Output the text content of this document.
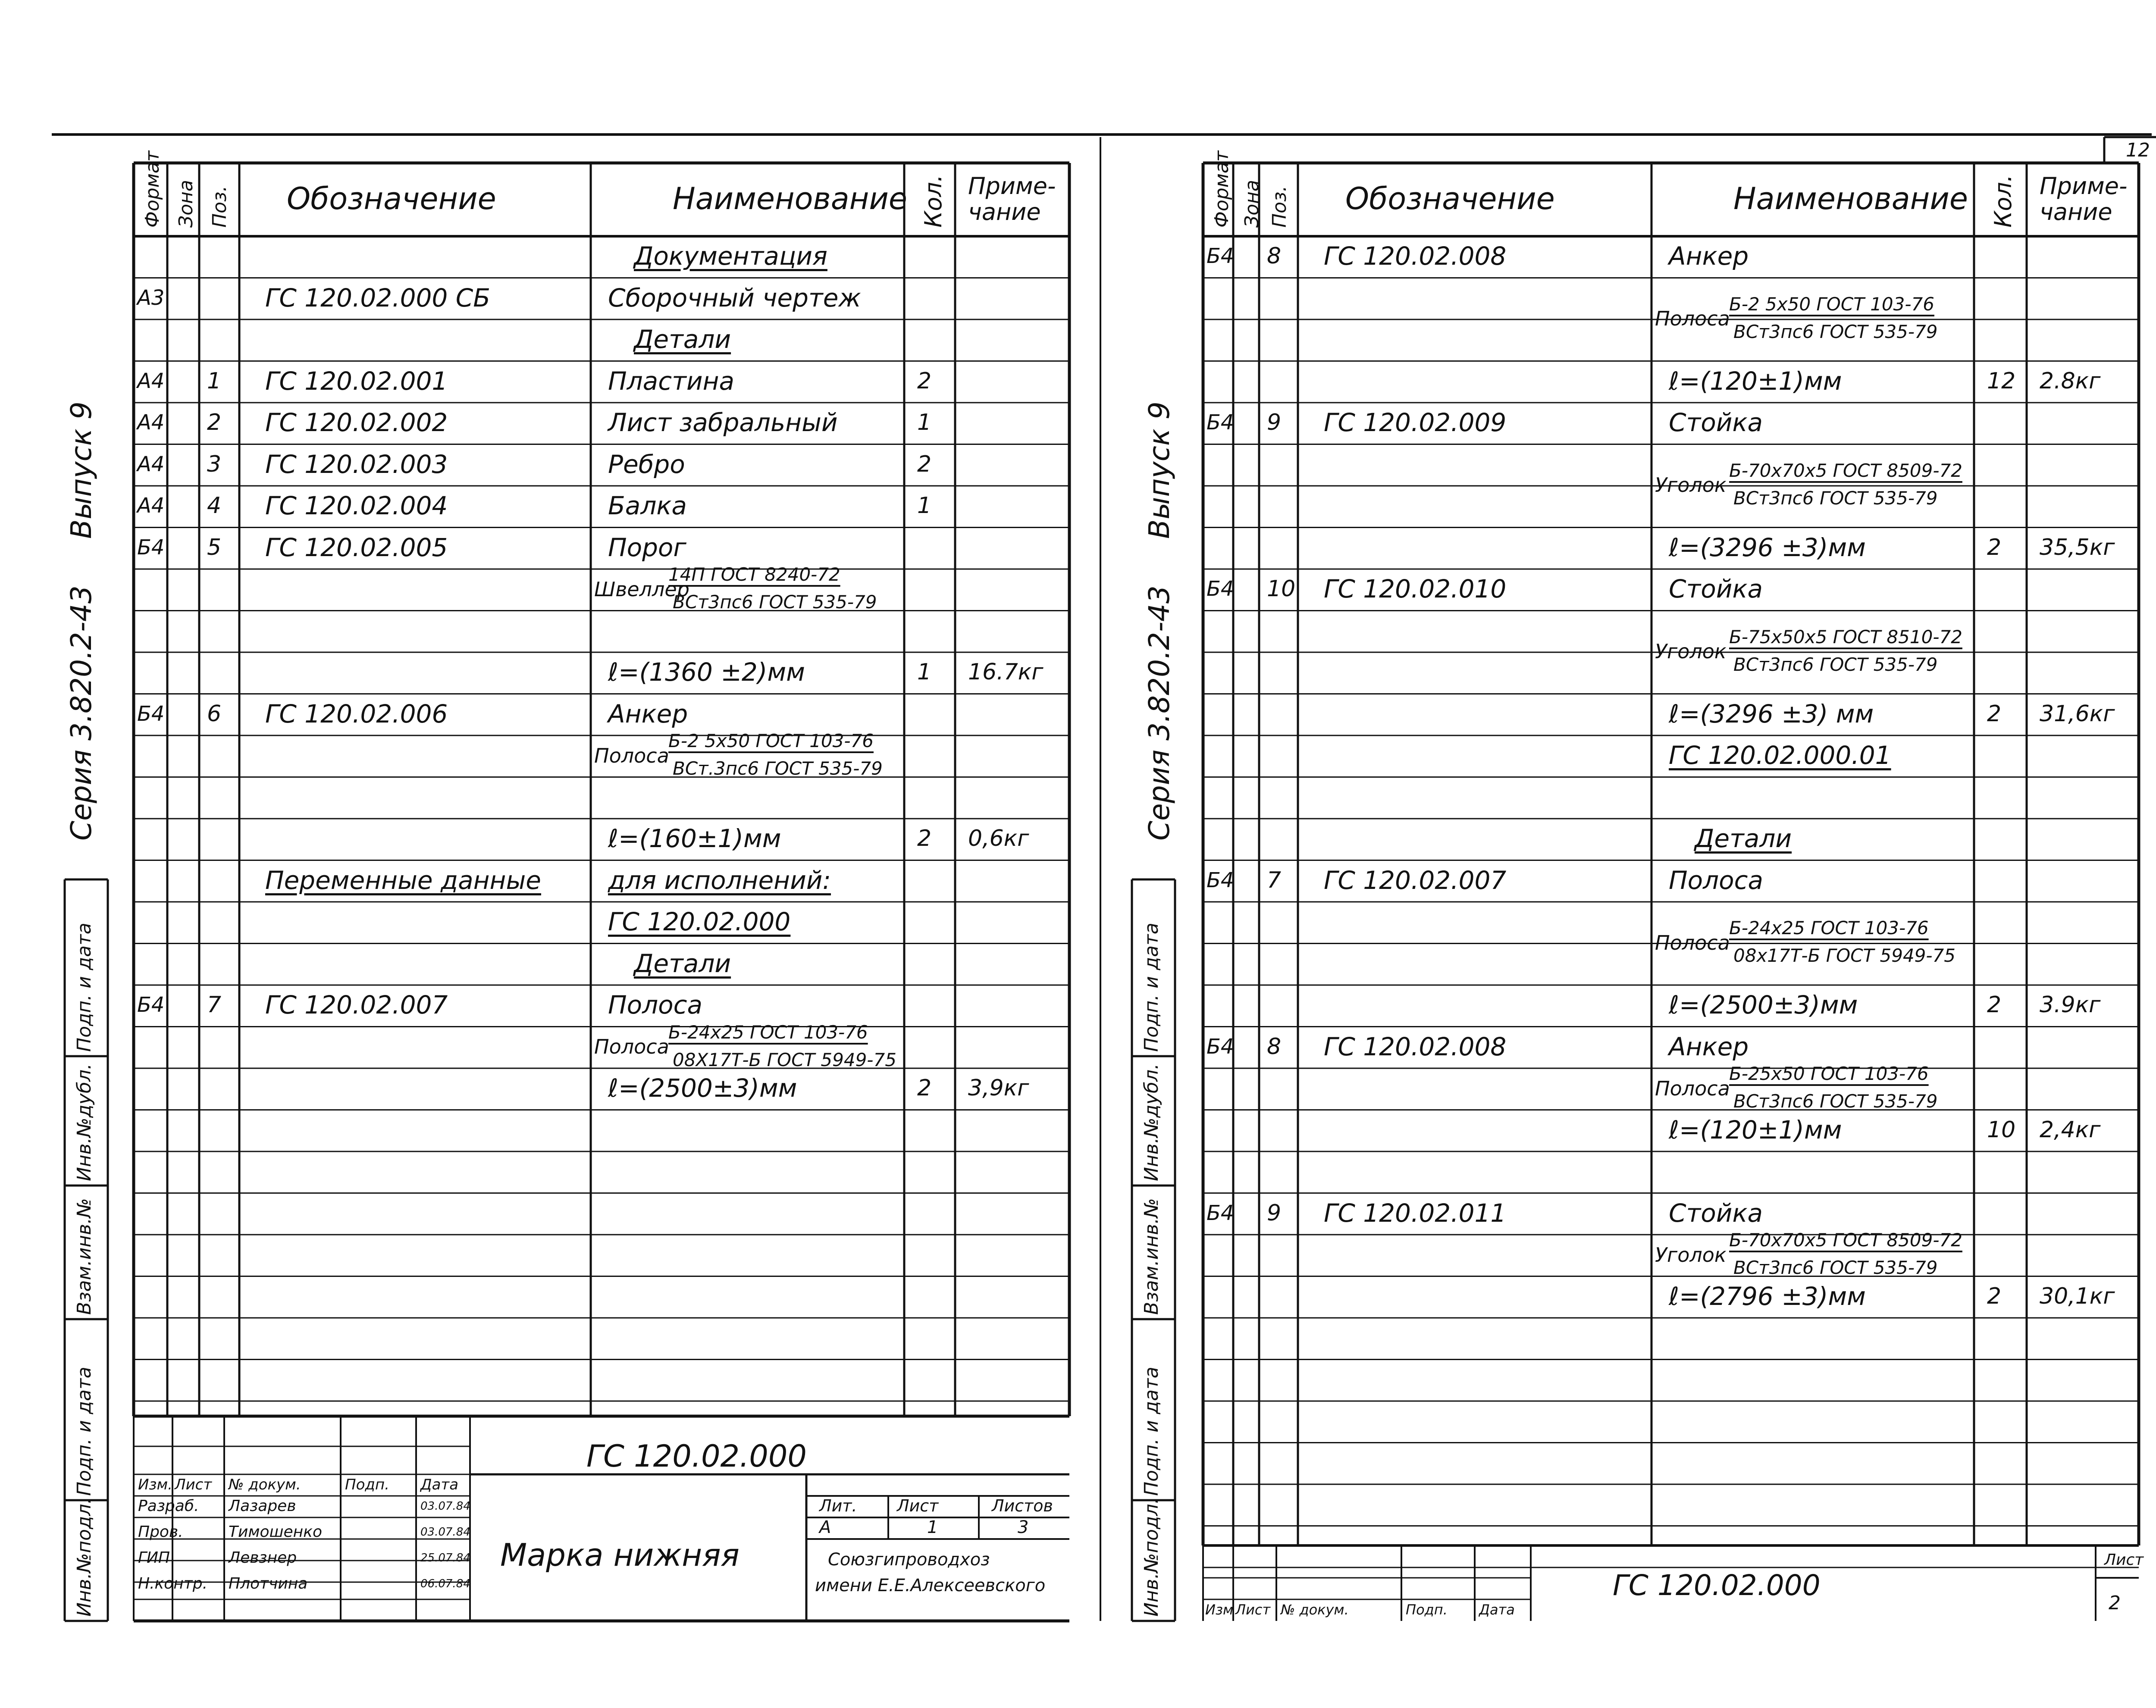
Формат Зона Поз. Обозначение	Наименование Кол. Приме-
чание
Документация
А3	ГС 120.02.000 СБ	Сборочный чертеж
Детали
А4 1 ГС 120.02.001	Пластина	2
А4 2 ГС 120.02.002	Лист забральный	1
А4 3 ГС 120.02.003	Ребро	2
А4 4 ГС 120.02.004	Балка	1
Б4 5 ГС 120.02.005	Порог
Швеллер
14П ГОСТ 8240-72
ВСт3пс6 ГОСТ 535-79
ℓ=(1360 ±2)мм	1 16.7кг
Б4 6 ГС 120.02.006	Анкер
Полоса
Б-2 5х50 ГОСТ 103-76
ВСт.3пс6 ГОСТ 535-79
ℓ=(160±1)мм	2 0,6кг
Переменные данные	для исполнений:
ГС 120.02.000
Детали
Б4 7 ГС 120.02.007	Полоса
Полоса
Б-24х25 ГОСТ 103-76
08Х17Т-Б ГОСТ 5949-75
ℓ=(2500±3)мм	2 3,9кг
Формат Зона Поз. Обозначение	Наименование Кол. Приме-
чание
Б4 8 ГС 120.02.008	Анкер
Полоса
Б-2 5х50 ГОСТ 103-76
ВСт3пс6 ГОСТ 535-79
ℓ=(120±1)мм	12 2.8кг
Б4 9 ГС 120.02.009	Стойка
Уголок
Б-70х70х5 ГОСТ 8509-72
ВСт3пс6 ГОСТ 535-79
ℓ=(3296 ±3)мм	2 35,5кг
Б4 10 ГС 120.02.010	Стойка
Уголок
Б-75х50х5 ГОСТ 8510-72
ВСт3пс6 ГОСТ 535-79
ℓ=(3296 ±3) мм	2 31,6кг
ГС 120.02.000.01
Детали
Б4 7 ГС 120.02.007	Полоса
Полоса
Б-24х25 ГОСТ 103-76
08х17Т-Б ГОСТ 5949-75
ℓ=(2500±3)мм	2 3.9кг
Б4 8 ГС 120.02.008	Анкер
Полоса
Б-25х50 ГОСТ 103-76
ВСт3пс6 ГОСТ 535-79
ℓ=(120±1)мм	10 2,4кг
Б4 9 ГС 120.02.011	Стойка
Уголок
Б-70х70х5 ГОСТ 8509-72
ВСт3пс6 ГОСТ 535-79
ℓ=(2796 ±3)мм	2 30,1кг
Серия 3.820.2-43
Выпуск 9
Серия 3.820.2-43
Выпуск 9
Подп. и дата
Инв.№дубл.
Взам.инв.№
Подп. и дата
Инв.№подл.
Подп. и дата
Инв.№дубл.
Взам.инв.№
Подп. и дата
Инв.№подл.
ГС 120.02.000
Изм. Лист № докум.	Подп. Дата
Разраб. Лазарев	03.07.84
Пров.	Тимошенко	03.07.84
ГИП	Левзнер	25.07.84
Н.контр. Плотчина	06.07.84
Марка нижняя
Лит. Лист	Листов
А	1	3
Союзгипроводхоз
имени Е.Е.Алексеевского
12
ГС 120.02.000
Лист
2
Изм Лист № докум.	Подп. Дата
